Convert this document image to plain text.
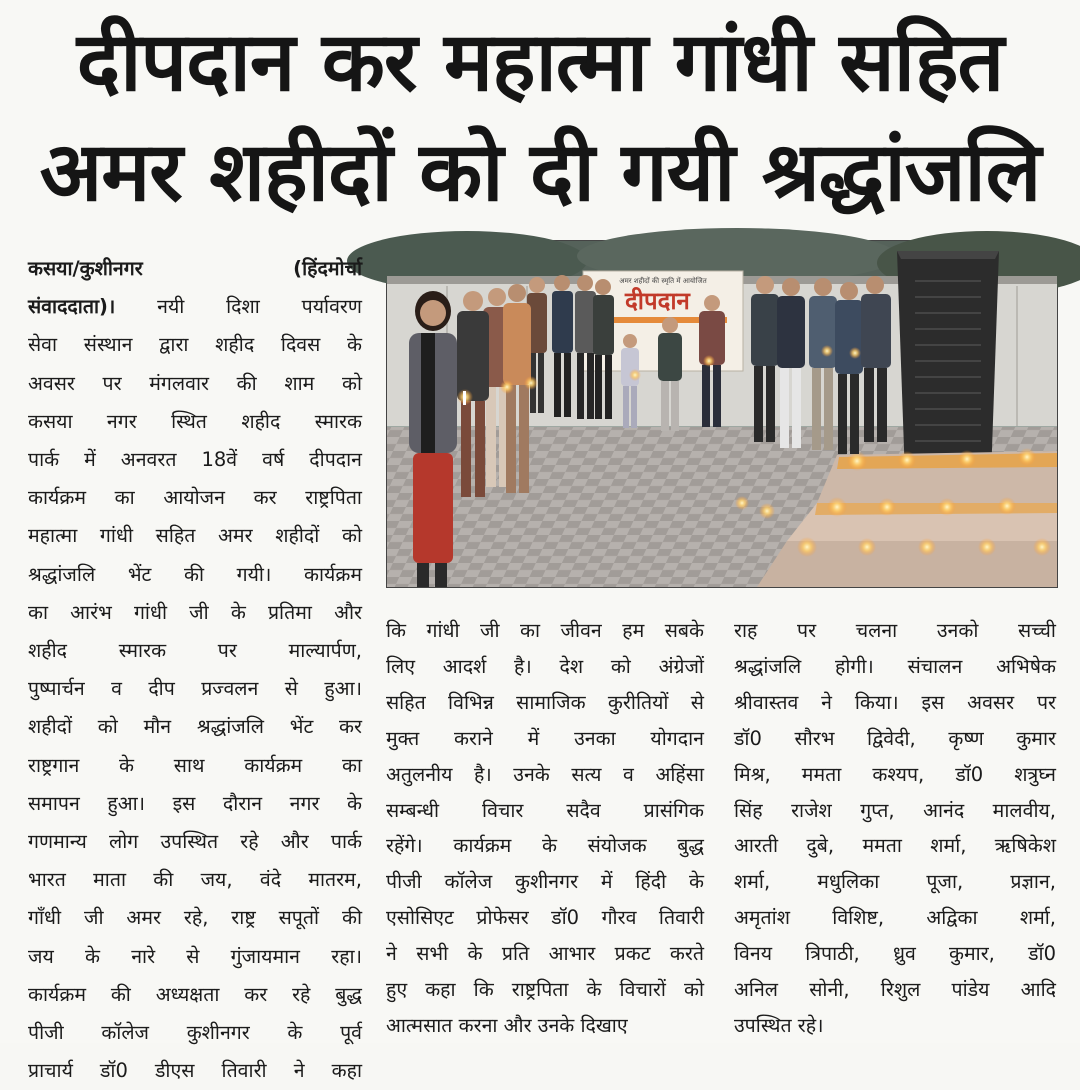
दीपदान कर महात्मा गांधी सहित
अमर शहीदों को दी गयी श्रद्धांजलि
अमर शहीदों की स्मृति में आयोजित
दीपदान
कसया/कुशीनगर (हिंदमोर्चा
संवाददाता)। नयी दिशा पर्यावरण
सेवा संस्थान द्वारा शहीद दिवस के
अवसर पर मंगलवार की शाम को
कसया नगर स्थित शहीद स्मारक
पार्क में अनवरत 18वें वर्ष दीपदान
कार्यक्रम का आयोजन कर राष्ट्रपिता
महात्मा गांधी सहित अमर शहीदों को
श्रद्धांजलि भेंट की गयी। कार्यक्रम
का आरंभ गांधी जी के प्रतिमा और
शहीद स्मारक पर माल्यार्पण,
पुष्पार्चन व दीप प्रज्वलन से हुआ।
शहीदों को मौन श्रद्धांजलि भेंट कर
राष्ट्रगान के साथ कार्यक्रम का
समापन हुआ। इस दौरान नगर के
गणमान्य लोग उपस्थित रहे और पार्क
भारत माता की जय, वंदे मातरम,
गाँधी जी अमर रहे, राष्ट्र सपूतों की
जय के नारे से गुंजायमान रहा।
कार्यक्रम की अध्यक्षता कर रहे बुद्ध
पीजी कॉलेज कुशीनगर के पूर्व
प्राचार्य डॉ0 डीएस तिवारी ने कहा
कि गांधी जी का जीवन हम सबके
लिए आदर्श है। देश को अंग्रेजों
सहित विभिन्न सामाजिक कुरीतियों से
मुक्त कराने में उनका योगदान
अतुलनीय है। उनके सत्य व अहिंसा
सम्बन्धी विचार सदैव प्रासंगिक
रहेंगे। कार्यक्रम के संयोजक बुद्ध
पीजी कॉलेज कुशीनगर में हिंदी के
एसोसिएट प्रोफेसर डॉ0 गौरव तिवारी
ने सभी के प्रति आभार प्रकट करते
हुए कहा कि राष्ट्रपिता के विचारों को
आत्मसात करना और उनके दिखाए
राह पर चलना उनको सच्ची
श्रद्धांजलि होगी। संचालन अभिषेक
श्रीवास्तव ने किया। इस अवसर पर
डॉ0 सौरभ द्विवेदी, कृष्ण कुमार
मिश्र, ममता कश्यप, डॉ0 शत्रुघ्न
सिंह राजेश गुप्त, आनंद मालवीय,
आरती दुबे, ममता शर्मा, ऋषिकेश
शर्मा, मधुलिका पूजा, प्रज्ञान,
अमृतांश विशिष्ट, अद्विका शर्मा,
विनय त्रिपाठी, ध्रुव कुमार, डॉ0
अनिल सोनी, रिशुल पांडेय आदि
उपस्थित रहे।
